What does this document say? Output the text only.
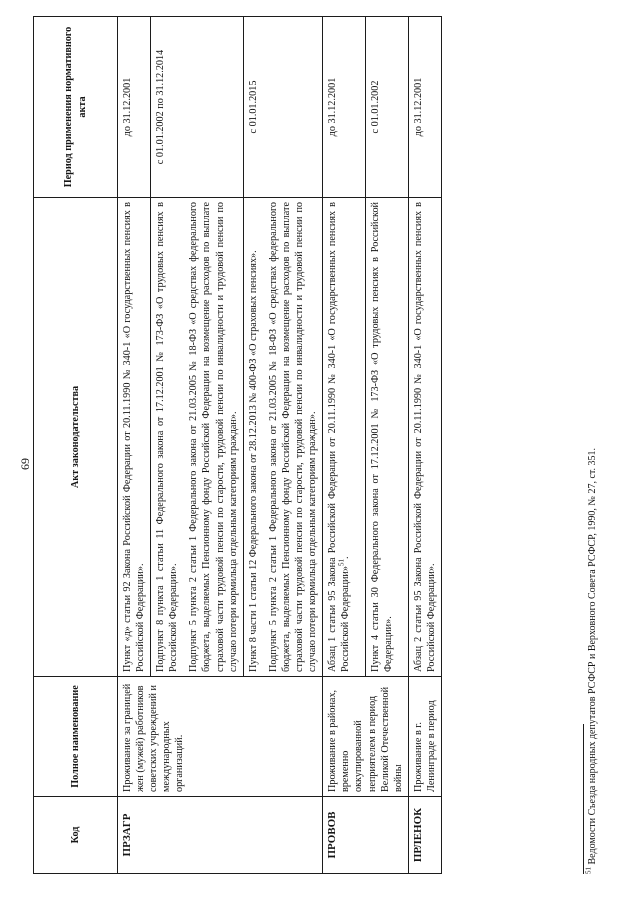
69
Код	Полное наименование	Акт законодательства	Период применения нормативного акта
ПРЗАГР	Проживание за границей жен (мужей) работников советских учреждений и международных организаций.	Пункт «д» статьи 92 Закона Российской Федерации от 20.11.1990 № 340-1 «О государственных пенсиях в Российской Федерации».	до 31.12.2001

		Подпункт 8 пункта 1 статьи 11 Федерального закона от 17.12.2001 № 173-ФЗ «О трудовых пенсиях в Российской Федерации». Подпункт 5 пункта 2 статьи 1 Федерального закона от 21.03.2005 № 18-ФЗ «О средствах федерального бюджета, выделяемых Пенсионному фонду Российской Федерации на возмещение расходов по выплате страховой части трудовой пенсии по старости, трудовой пенсии по инвалидности и трудовой пенсии по случаю потери кормильца отдельным категориям граждан».	с 01.01.2002 по 31.12.2014

		Пункт 8 части 1 статьи 12 Федерального закона от 28.12.2013 № 400-ФЗ «О страховых пенсиях». Подпункт 5 пункта 2 статьи 1 Федерального закона от 21.03.2005 № 18-ФЗ «О средствах федерального бюджета, выделяемых Пенсионному фонду Российской Федерации на возмещение расходов по выплате страховой части трудовой пенсии по старости, трудовой пенсии по инвалидности и трудовой пенсии по случаю потери кормильца отдельным категориям граждан».	с 01.01.2015
ПРОВОВ	Проживание в районах, временно оккупированной неприятелем в период Великой Отечественной войны	Абзац 1 статьи 95 Закона Российской Федерации от 20.11.1990 № 340-1 «О государственных пенсиях в Российской Федерации»$^{51}$.	до 31.12.2001

		Пункт 4 статьи 30 Федерального закона от 17.12.2001 № 173-ФЗ «О трудовых пенсиях в Российской Федерации».	с 01.01.2002
ПРЛЕНОК	Проживание в г. Ленинграде в период	Абзац 2 статьи 95 Закона Российской Федерации от 20.11.1990 № 340-1 «О государственных пенсиях в Российской Федерации».	до 31.12.2001
$^{51}$ Ведомости Съезда народных депутатов РСФСР и Верховного Совета РСФСР, 1990, № 27, ст. 351.
